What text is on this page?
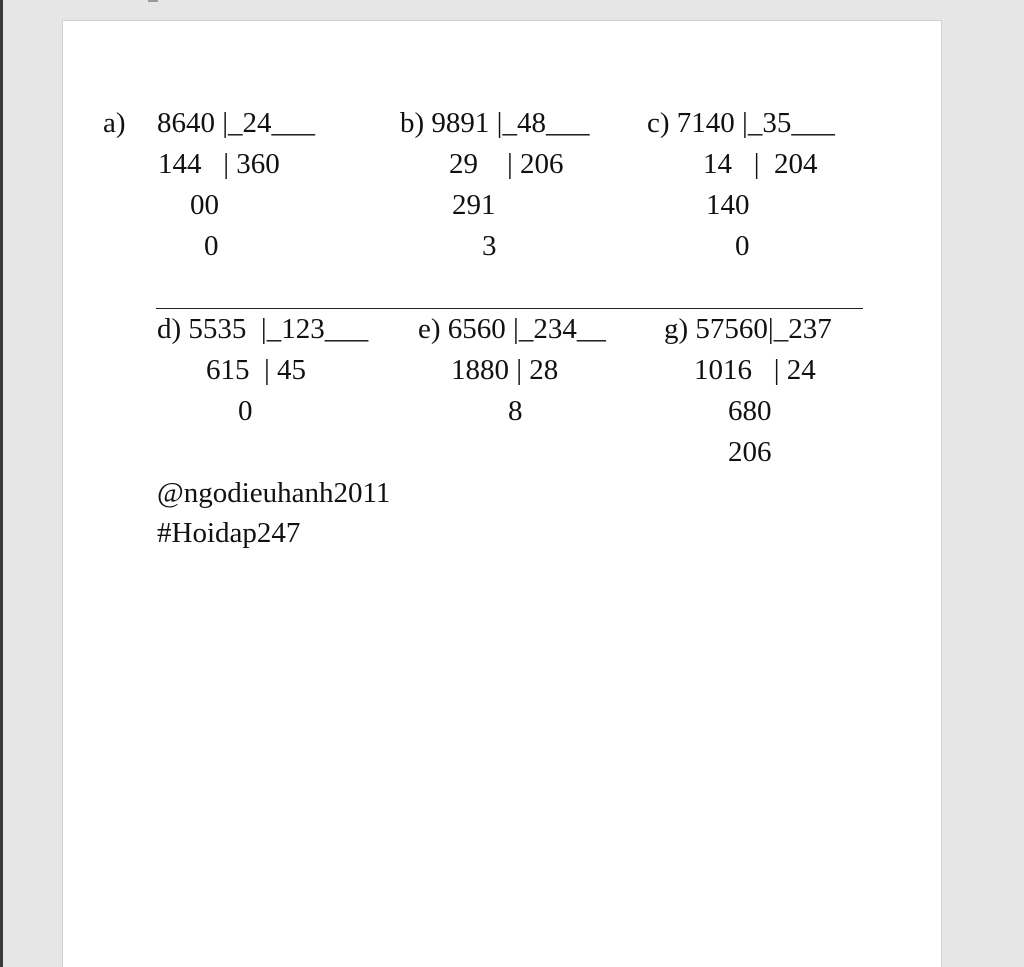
a) 8640 |_24___
144   | 360
00
0
b) 9891 |_48___
29    | 206
291
3
c) 7140 |_35___
14   |  204
140
0
d) 5535  |_123___
615  | 45
0
e) 6560 |_234__
1880 | 28
8
g) 57560|_237
1016   | 24
680
206
@ngodieuhanh2011
#Hoidap247
